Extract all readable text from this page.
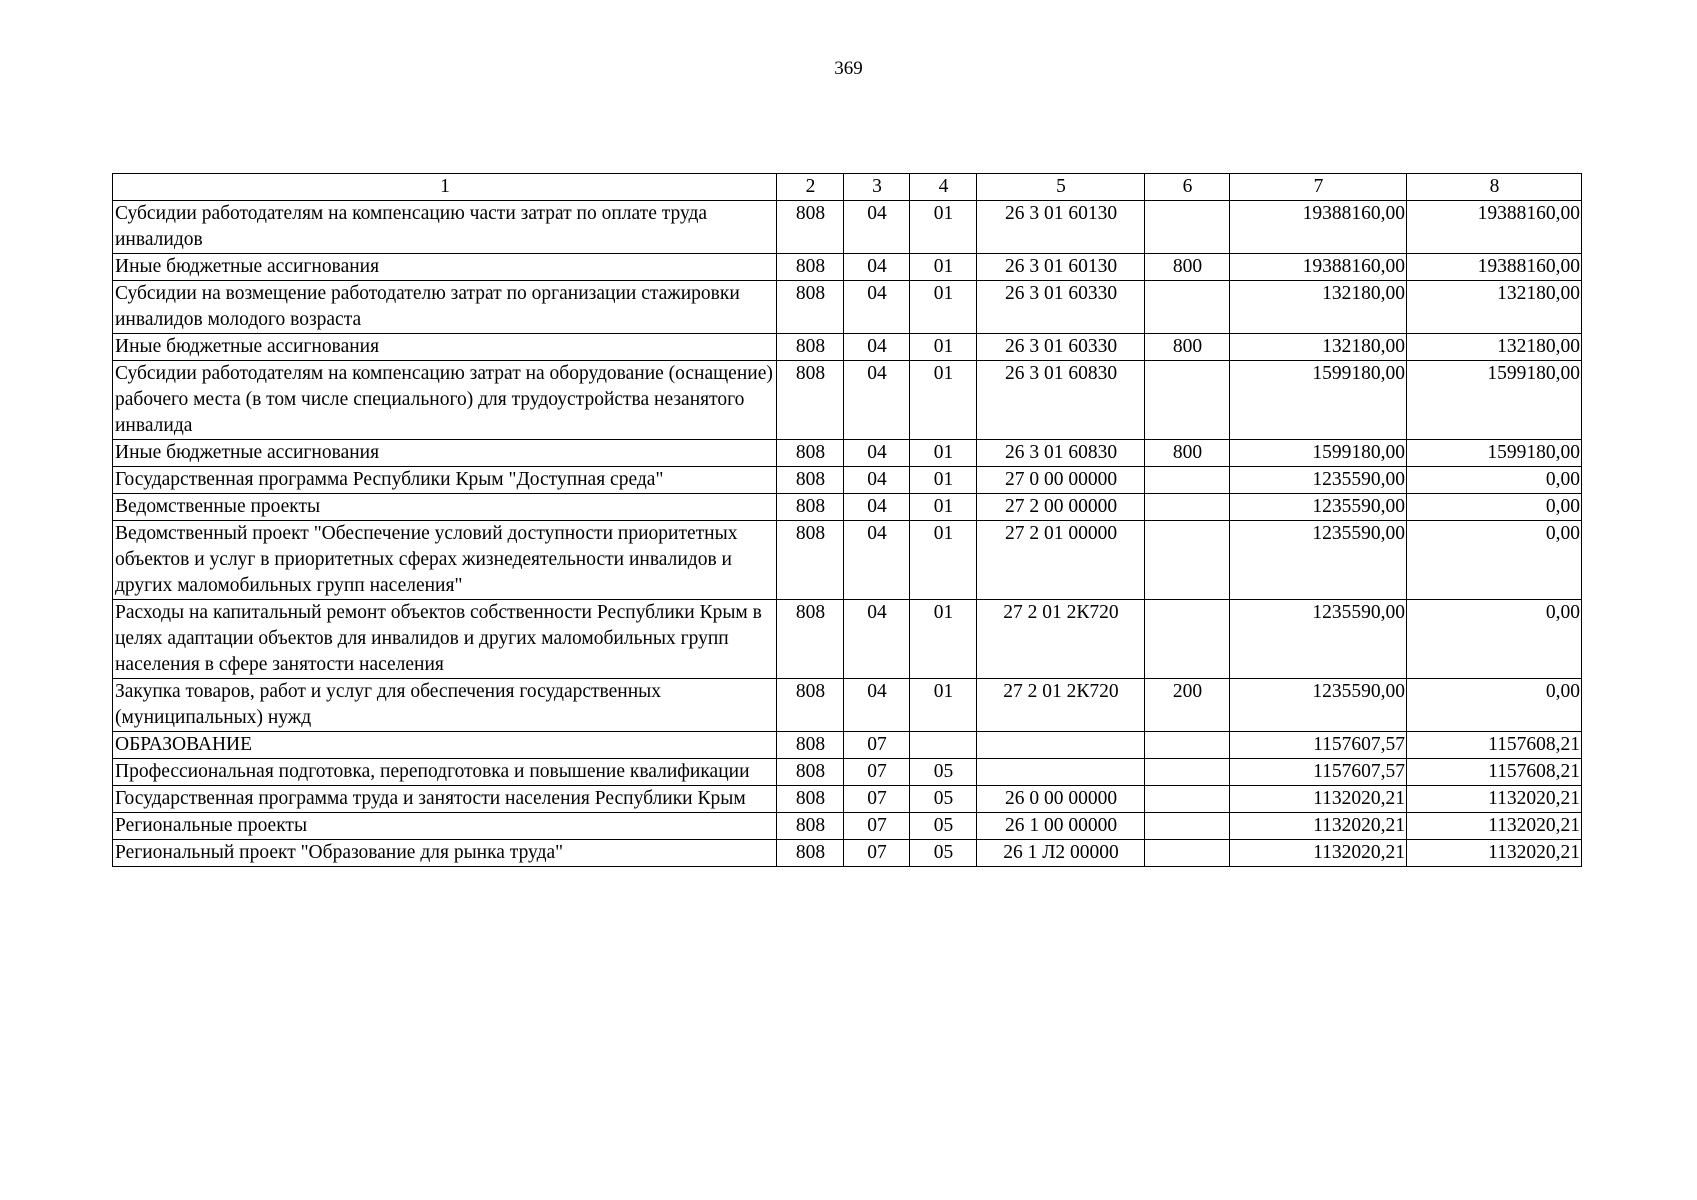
369
1	2	3	4	5	6	7	8
Субсидии работодателям на компенсацию части затрат по оплате труда инвалидов	808	04	01	26 3 01 60130		19388160,00	19388160,00
Иные бюджетные ассигнования	808	04	01	26 3 01 60130	800	19388160,00	19388160,00
Субсидии на возмещение работодателю затрат по организации стажировки инвалидов молодого возраста	808	04	01	26 3 01 60330		132180,00	132180,00
Иные бюджетные ассигнования	808	04	01	26 3 01 60330	800	132180,00	132180,00
Субсидии работодателям на компенсацию затрат на оборудование (оснащение) рабочего места (в том числе специального) для трудоустройства незанятого инвалида	808	04	01	26 3 01 60830		1599180,00	1599180,00
Иные бюджетные ассигнования	808	04	01	26 3 01 60830	800	1599180,00	1599180,00
Государственная программа Республики Крым "Доступная среда"	808	04	01	27 0 00 00000		1235590,00	0,00
Ведомственные проекты	808	04	01	27 2 00 00000		1235590,00	0,00
Ведомственный проект "Обеспечение условий доступности приоритетных объектов и услуг в приоритетных сферах жизнедеятельности инвалидов и других маломобильных групп населения"	808	04	01	27 2 01 00000		1235590,00	0,00
Расходы на капитальный ремонт объектов собственности Республики Крым в целях адаптации объектов для инвалидов и других маломобильных групп населения в сфере занятости населения	808	04	01	27 2 01 2К720		1235590,00	0,00
Закупка товаров, работ и услуг для обеспечения государственных (муниципальных) нужд	808	04	01	27 2 01 2К720	200	1235590,00	0,00
ОБРАЗОВАНИЕ	808	07				1157607,57	1157608,21
Профессиональная подготовка, переподготовка и повышение квалификации	808	07	05			1157607,57	1157608,21
Государственная программа труда и занятости населения Республики Крым	808	07	05	26 0 00 00000		1132020,21	1132020,21
Региональные проекты	808	07	05	26 1 00 00000		1132020,21	1132020,21
Региональный проект "Образование для рынка труда"	808	07	05	26 1 Л2 00000		1132020,21	1132020,21
